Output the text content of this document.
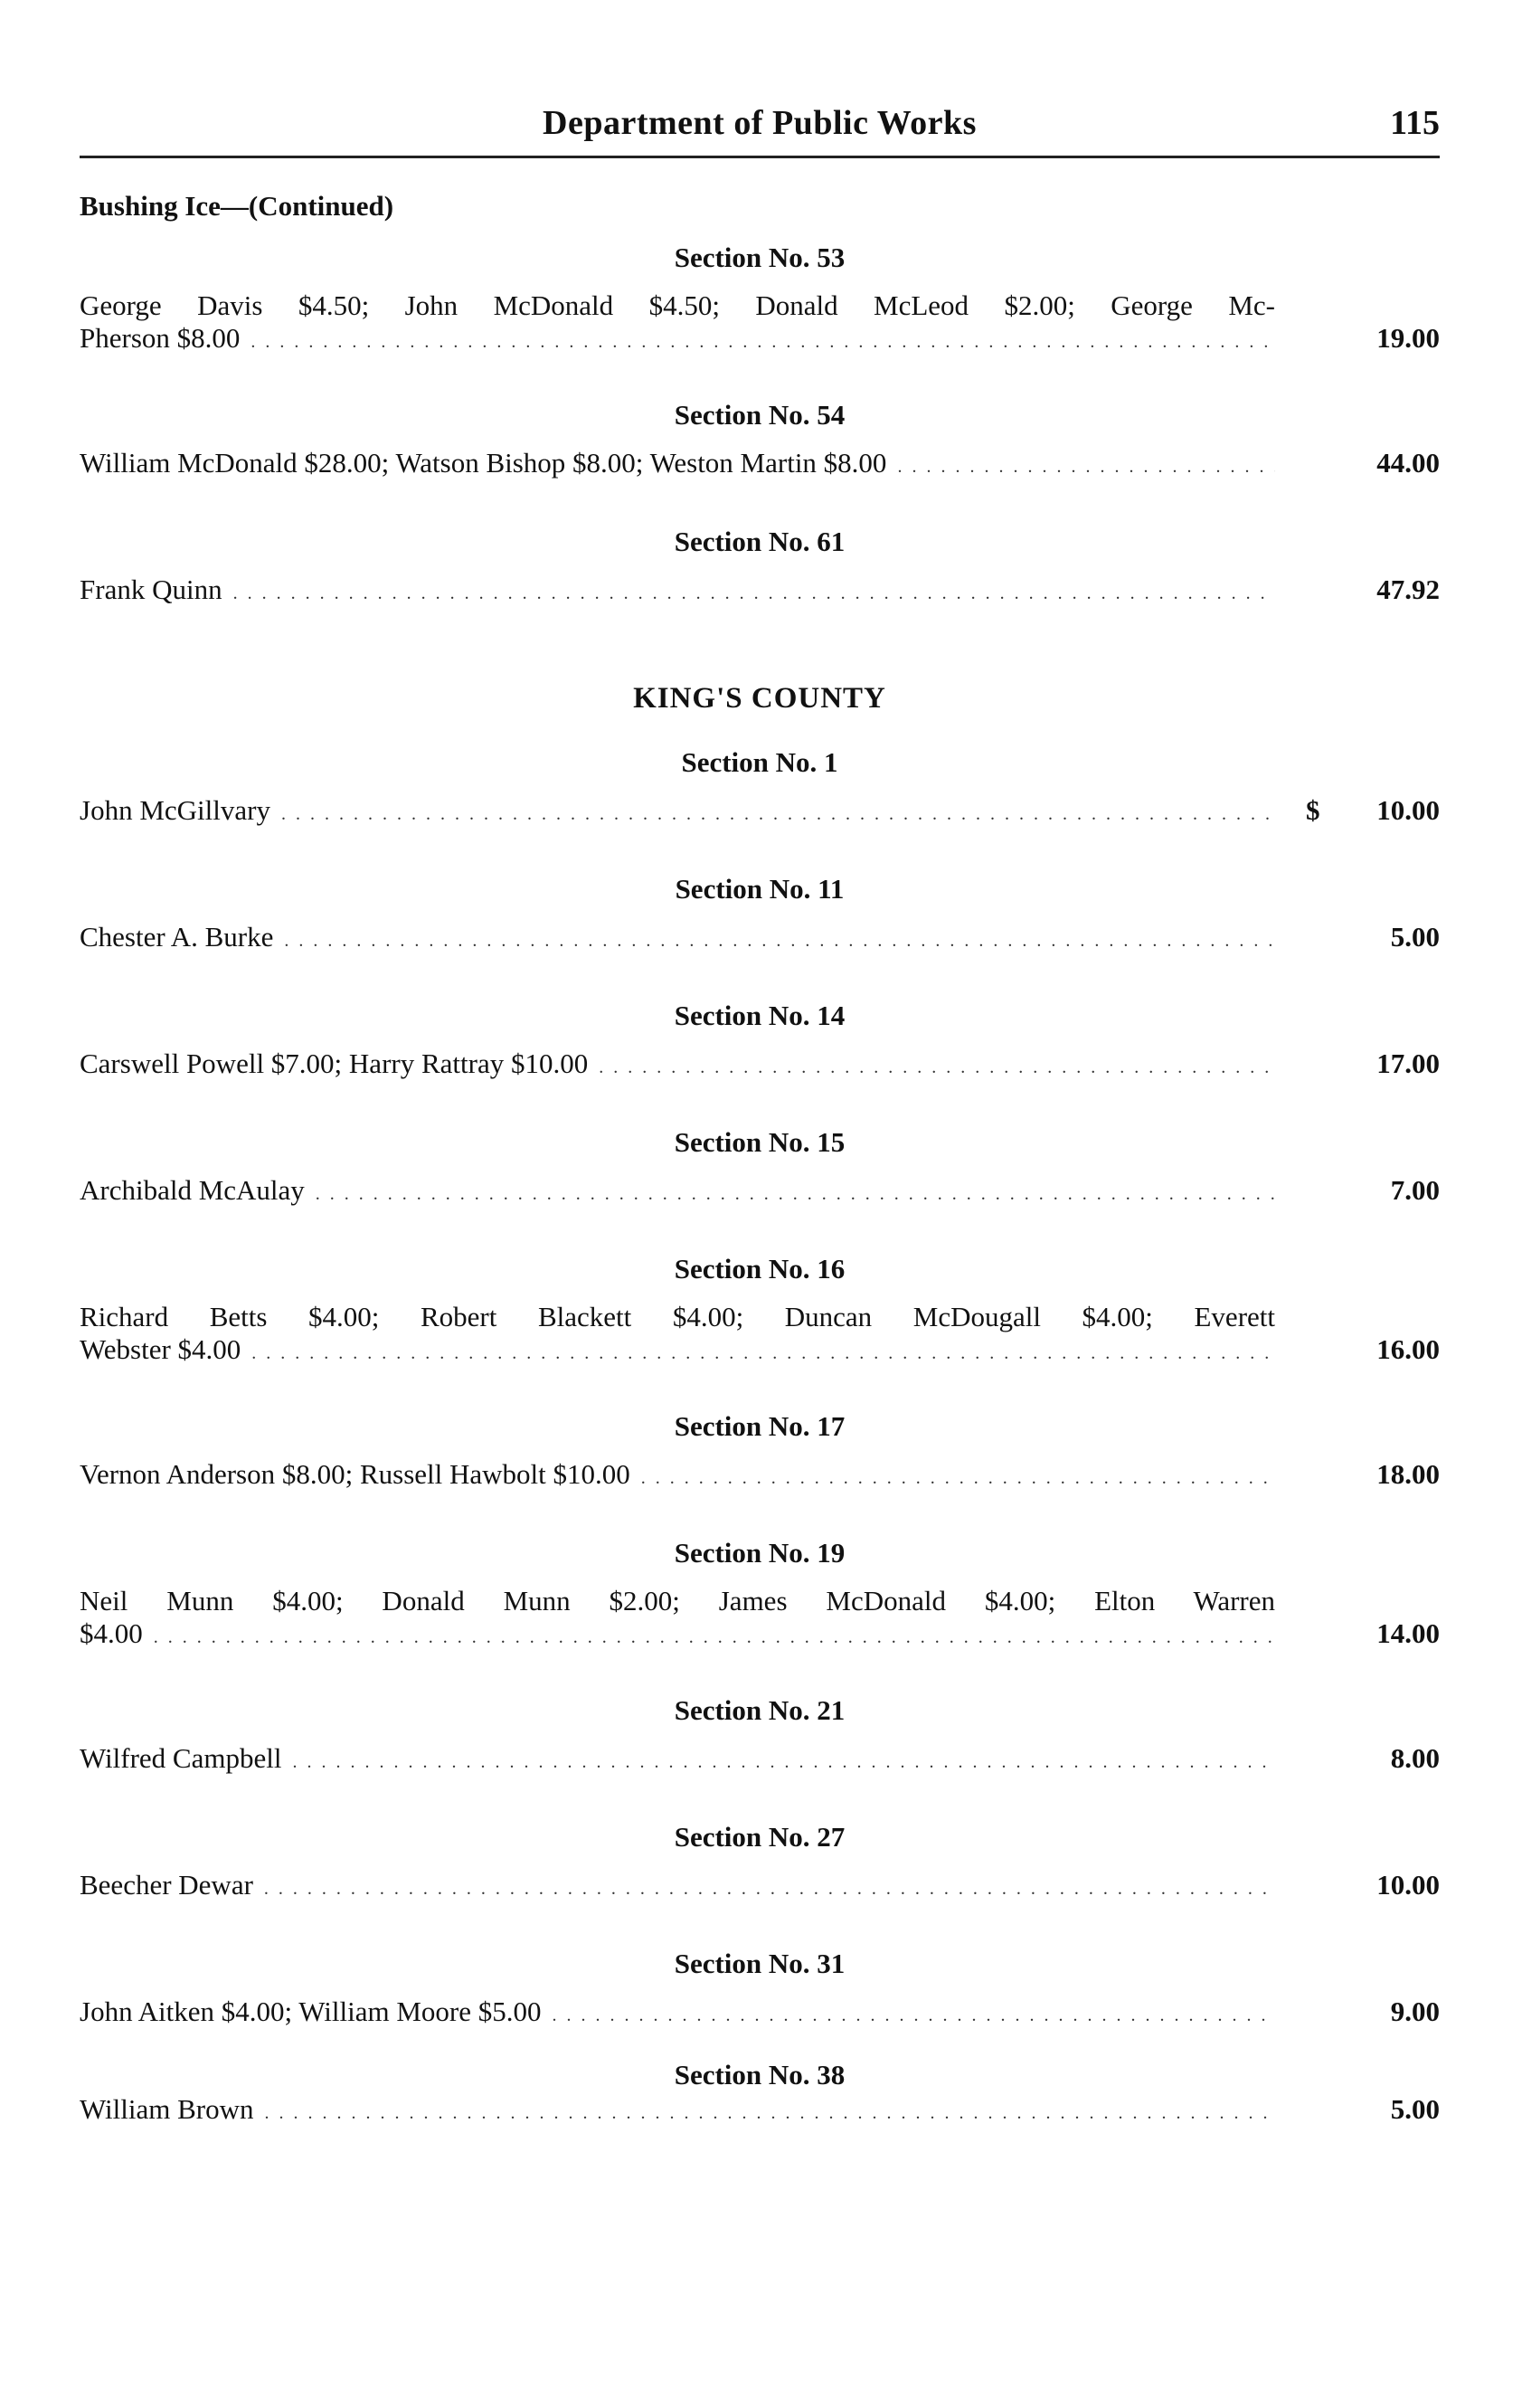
Department of Public Works	115
Bushing Ice—(Continued)
Section No. 53
George Davis $4.50; John McDonald $4.50; Donald McLeod $2.00; George Mc-
Pherson $8.00 . . .	19.00
Section No. 54
William McDonald $28.00; Watson Bishop $8.00; Weston Martin $8.00 . . .	44.00
Section No. 61
Frank Quinn . . .	47.92
KING'S COUNTY
Section No. 1
John McGillvary . . .	$ 10.00
Section No. 11
Chester A. Burke . . .	5.00
Section No. 14
Carswell Powell $7.00; Harry Rattray $10.00 . . .	17.00
Section No. 15
Archibald McAulay . . .	7.00
Section No. 16
Richard Betts $4.00; Robert Blackett $4.00; Duncan McDougall $4.00; Everett
Webster $4.00 . . .	16.00
Section No. 17
Vernon Anderson $8.00; Russell Hawbolt $10.00 . . .	18.00
Section No. 19
Neil Munn $4.00; Donald Munn $2.00; James McDonald $4.00; Elton Warren
$4.00 . . .	14.00
Section No. 21
Wilfred Campbell . . .	8.00
Section No. 27
Beecher Dewar . . .	10.00
Section No. 31
John Aitken $4.00; William Moore $5.00 . . .	9.00
Section No. 38
William Brown . . .	5.00
